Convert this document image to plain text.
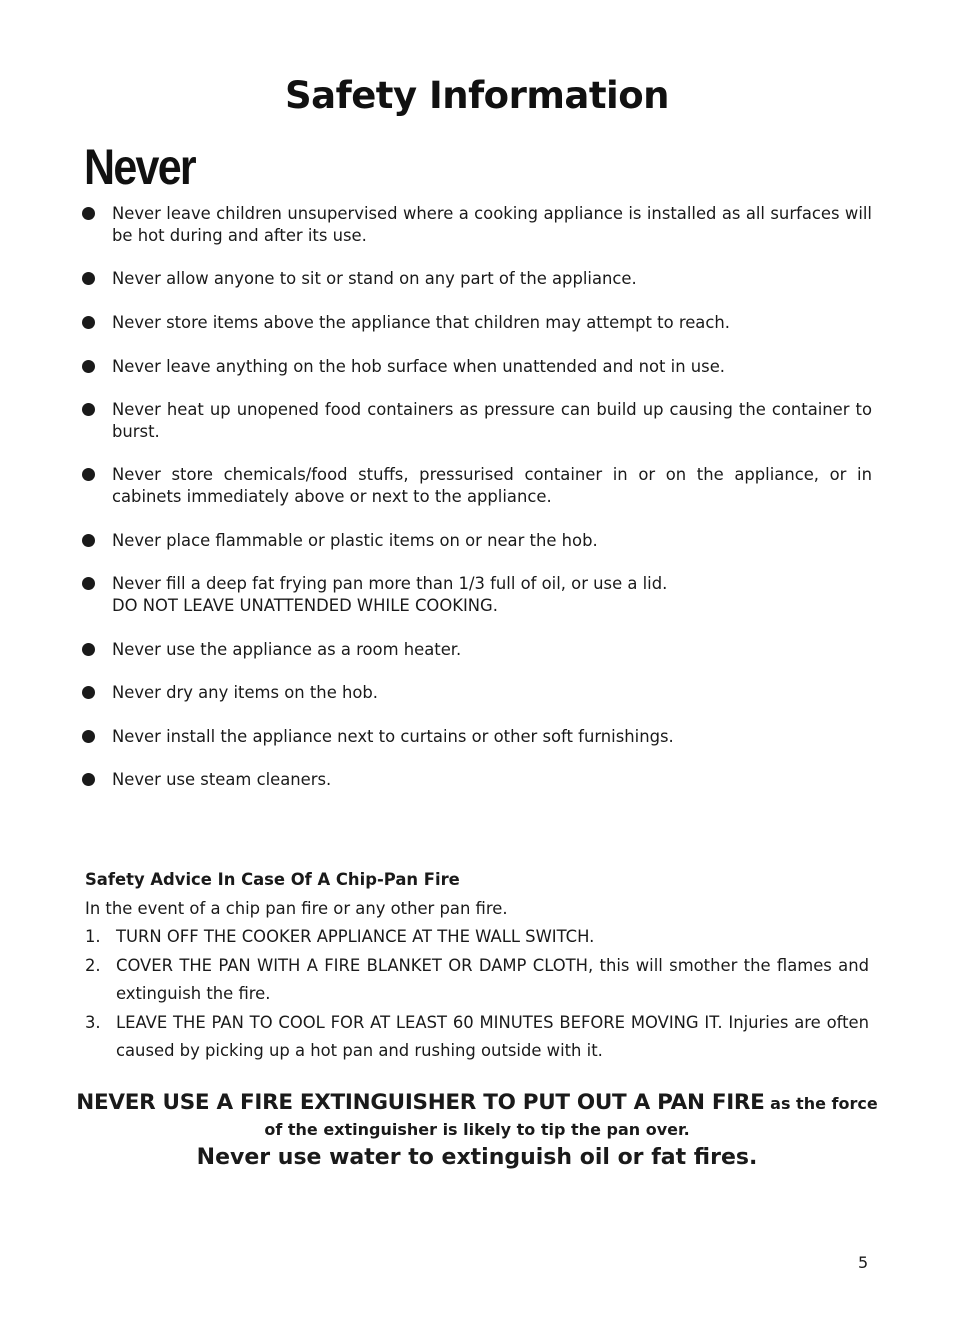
Safety Information
Never
Never leave children unsupervised where a cooking appliance is installed as all surfaces will be hot during and after its use.
Never allow anyone to sit or stand on any part of the appliance.
Never store items above the appliance that children may attempt to reach.
Never leave anything on the hob surface when unattended and not in use.
Never heat up unopened food containers as pressure can build up causing the container to burst.
Never store chemicals/food stuffs, pressurised container in or on the appliance, or in cabinets immediately above or next to the appliance.
Never place flammable or plastic items on or near the hob.
Never fill a deep fat frying pan more than 1/3 full of oil, or use a lid.
DO NOT LEAVE UNATTENDED WHILE COOKING.
Never use the appliance as a room heater.
Never dry any items on the hob.
Never install the appliance next to curtains or other soft furnishings.
Never use steam cleaners.
Safety Advice In Case Of A Chip-Pan Fire
In the event of a chip pan fire or any other pan fire.
1. TURN OFF THE COOKER APPLIANCE AT THE WALL SWITCH.
2. COVER THE PAN WITH A FIRE BLANKET OR DAMP CLOTH, this will smother the flames and extinguish the fire.
3. LEAVE THE PAN TO COOL FOR AT LEAST 60 MINUTES BEFORE MOVING IT. Injuries are often caused by picking up a hot pan and rushing outside with it.
NEVER USE A FIRE EXTINGUISHER TO PUT OUT A PAN FIRE as the force
of the extinguisher is likely to tip the pan over.
Never use water to extinguish oil or fat fires.
5
